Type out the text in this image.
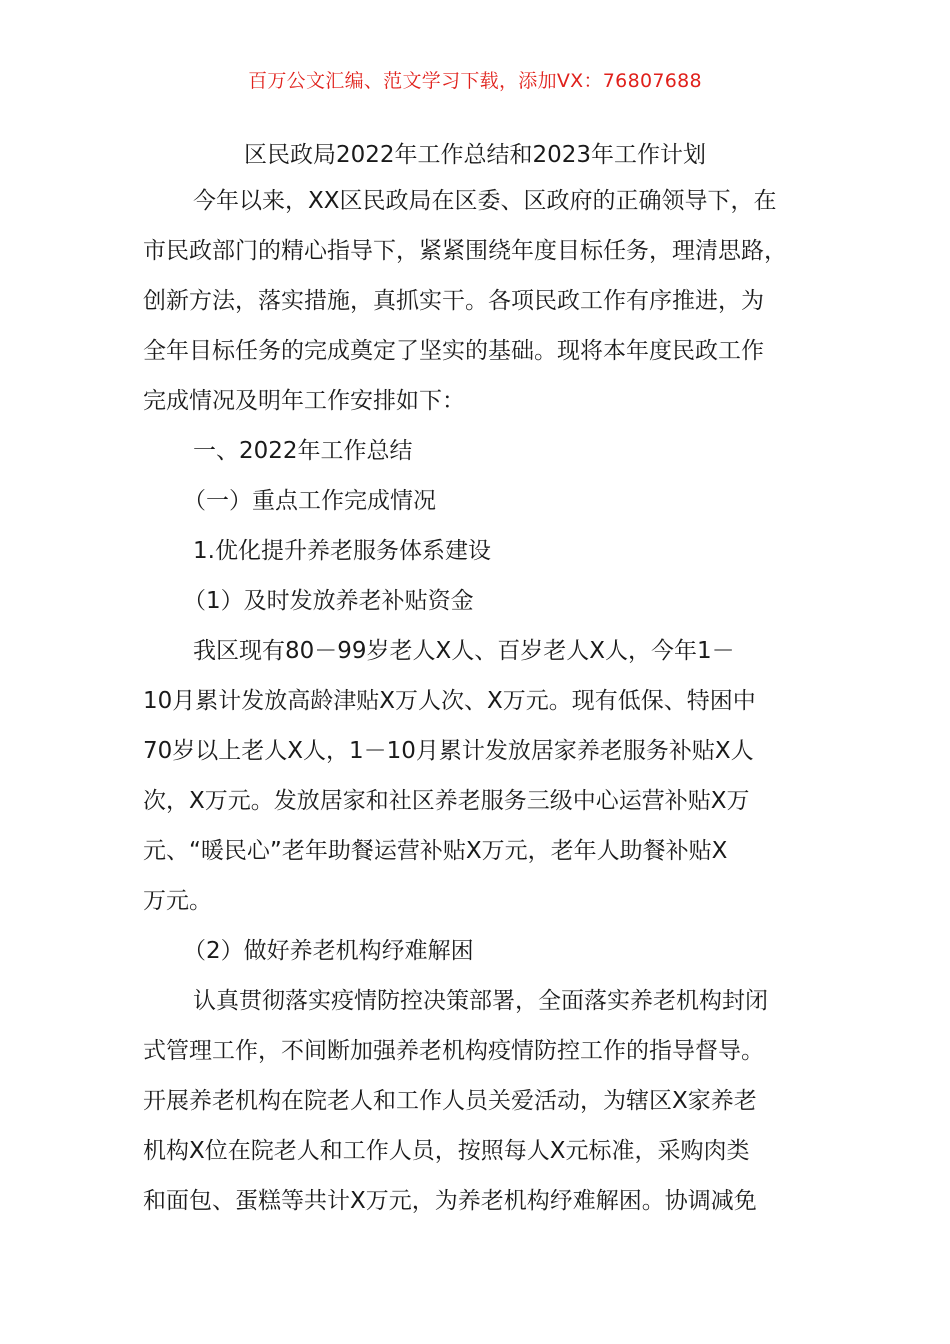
百万公文汇编、范文学习下载，添加VX：76807688
区民政局2022年工作总结和2023年工作计划
今年以来，XX区民政局在区委、区政府的正确领导下，在
市民政部门的精心指导下，紧紧围绕年度目标任务，理清思路，
创新方法，落实措施，真抓实干。各项民政工作有序推进，为
全年目标任务的完成奠定了坚实的基础。现将本年度民政工作
完成情况及明年工作安排如下：
一、2022年工作总结
（一）重点工作完成情况
1.优化提升养老服务体系建设
（1）及时发放养老补贴资金
我区现有80－99岁老人X人、百岁老人X人，今年1－
10月累计发放高龄津贴X万人次、X万元。现有低保、特困中
70岁以上老人X人，1－10月累计发放居家养老服务补贴X人
次，X万元。发放居家和社区养老服务三级中心运营补贴X万
元、“暖民心”老年助餐运营补贴X万元，老年人助餐补贴X
万元。
（2）做好养老机构纾难解困
认真贯彻落实疫情防控决策部署，全面落实养老机构封闭
式管理工作，不间断加强养老机构疫情防控工作的指导督导。
开展养老机构在院老人和工作人员关爱活动，为辖区X家养老
机构X位在院老人和工作人员，按照每人X元标准，采购肉类
和面包、蛋糕等共计X万元，为养老机构纾难解困。协调减免
